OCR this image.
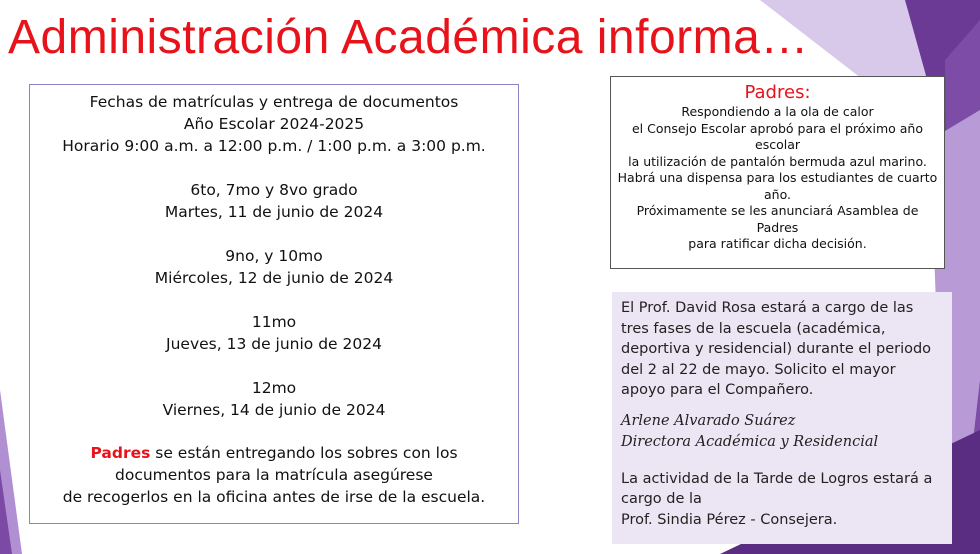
Administración Académica informa…

Fechas de matrículas y entrega de documentos

Año Escolar 2024-2025

Horario 9:00 a.m. a 12:00 p.m. / 1:00 p.m. a 3:00 p.m.

6to, 7mo y 8vo grado

Martes, 11 de junio de 2024

9no, y 10mo

Miércoles, 12 de junio de 2024

11mo

Jueves, 13 de junio de 2024

12mo

Viernes, 14 de junio de 2024

Padres se están entregando los sobres con los

documentos para la matrícula asegúrese

de recogerlos en la oficina antes de irse de la escuela.

Padres:
Respondiendo a la ola de calor
el Consejo Escolar aprobó para el próximo año escolar
la utilización de pantalón bermuda azul marino.
Habrá una dispensa para los estudiantes de cuarto año.
Próximamente se les anunciará Asamblea de Padres
para ratificar dicha decisión.

El Prof. David Rosa estará a cargo de las tres fases de la escuela (académica, deportiva y residencial) durante el periodo del 2 al 22 de mayo. Solicito el mayor apoyo para el Compañero.

Arlene Alvarado Suárez

Directora Académica y Residencial

La actividad de la Tarde de Logros estará a cargo de la

Prof. Sindia Pérez - Consejera.
